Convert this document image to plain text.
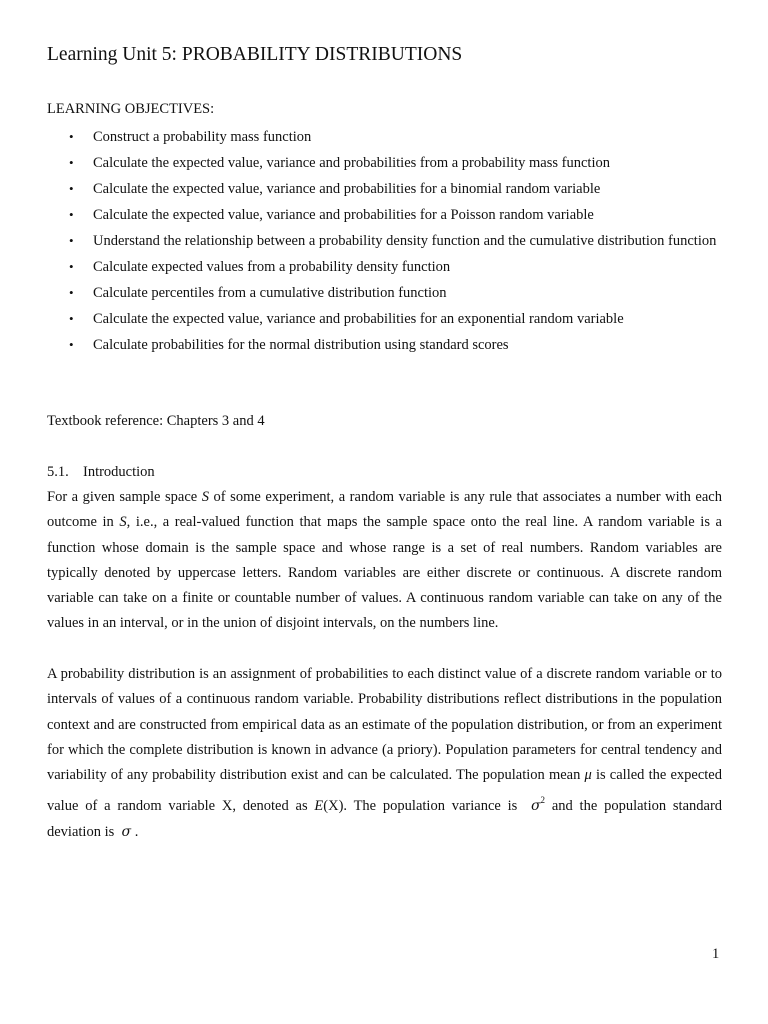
Learning Unit 5: PROBABILITY DISTRIBUTIONS
LEARNING OBJECTIVES:
• Construct a probability mass function
• Calculate the expected value, variance and probabilities from a probability mass function
• Calculate the expected value, variance and probabilities for a binomial random variable
• Calculate the expected value, variance and probabilities for a Poisson random variable
• Understand the relationship between a probability density function and the cumulative distribution function
• Calculate expected values from a probability density function
• Calculate percentiles from a cumulative distribution function
• Calculate the expected value, variance and probabilities for an exponential random variable
• Calculate probabilities for the normal distribution using standard scores
Textbook reference: Chapters 3 and 4
5.1. Introduction

For a given sample space S of some experiment, a random variable is any rule that associates a number with each outcome in S, i.e., a real-valued function that maps the sample space onto the real line. A random variable is a function whose domain is the sample space and whose range is a set of real numbers. Random variables are typically denoted by uppercase letters. Random variables are either discrete or continuous. A discrete random variable can take on a finite or countable number of values. A continuous random variable can take on any of the values in an interval, or in the union of disjoint intervals, on the numbers line.

A probability distribution is an assignment of probabilities to each distinct value of a discrete random variable or to intervals of values of a continuous random variable. Probability distributions reflect distributions in the population context and are constructed from empirical data as an estimate of the population distribution, or from an experiment for which the complete distribution is known in advance (a priory). Population parameters for central tendency and variability of any probability distribution exist and can be calculated. The population mean μ is called the expected value of a random variable X, denoted as E(X). The population variance is  $\sigma^2$ and the population standard deviation is  σ .

1
